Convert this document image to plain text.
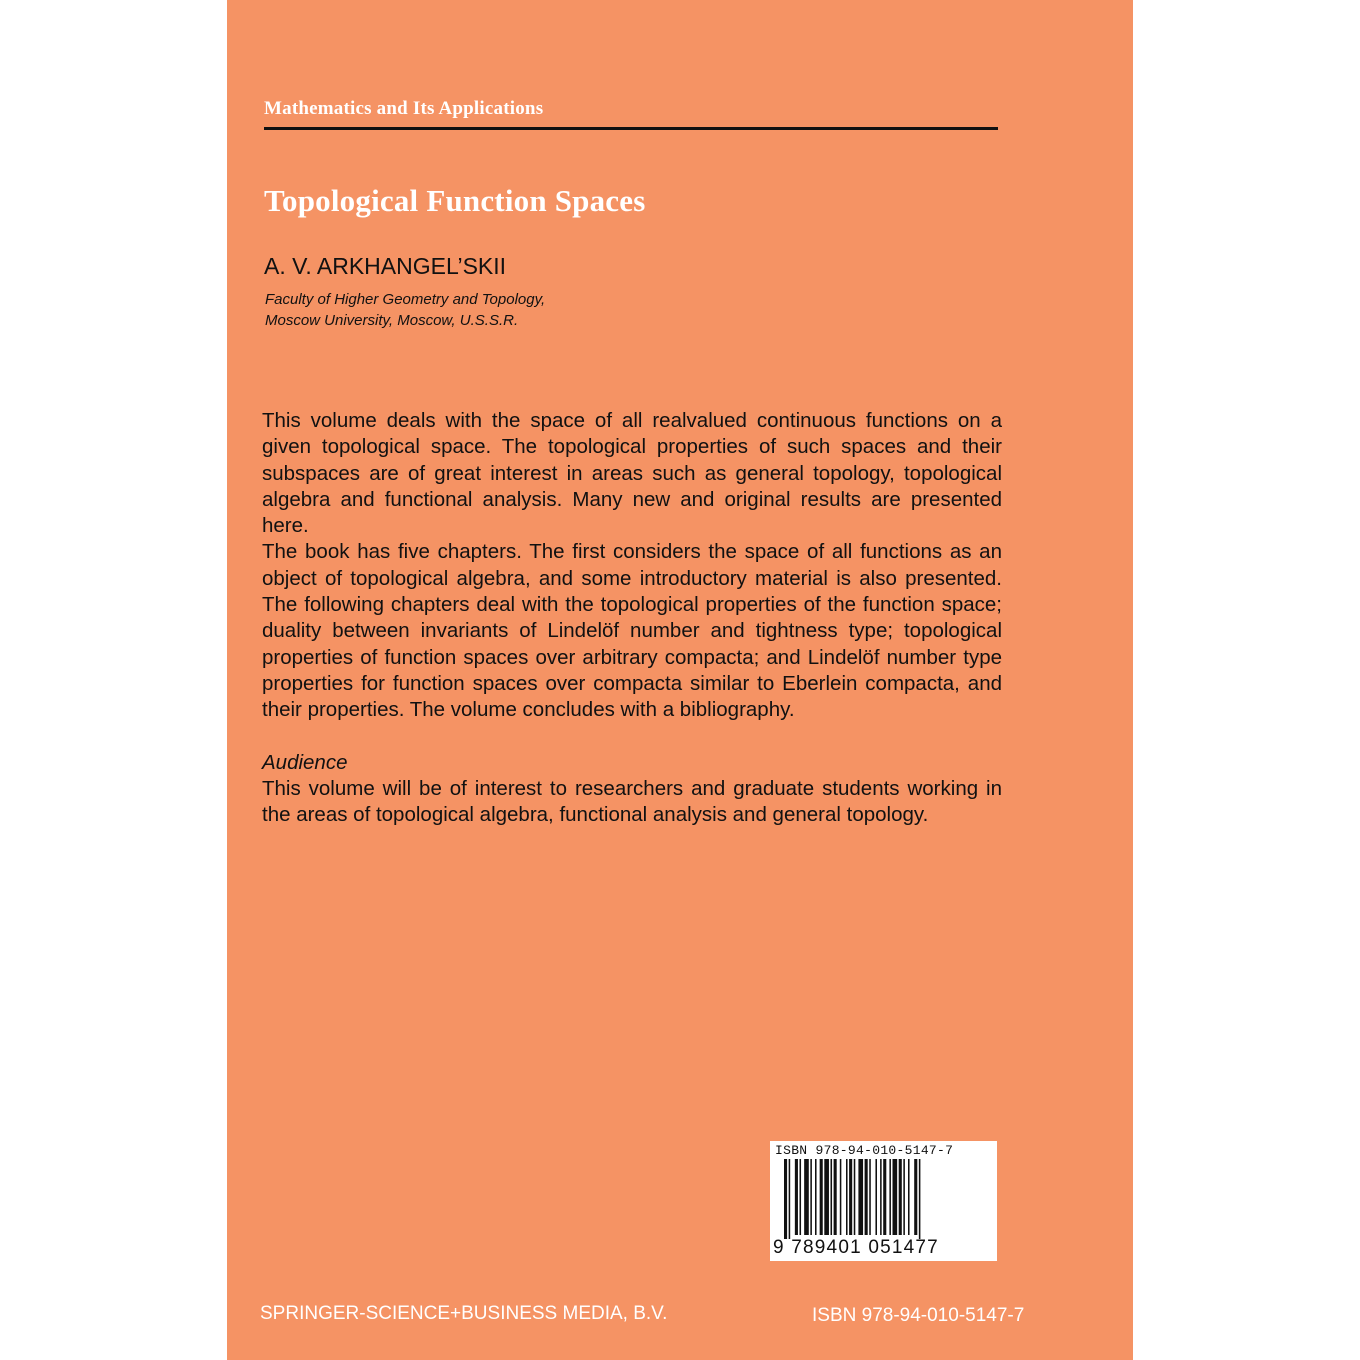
Mathematics and Its Applications
Topological Function Spaces
A. V. ARKHANGEL’SKII
Faculty of Higher Geometry and Topology,
Moscow University, Moscow, U.S.S.R.

This volume deals with the space of all realvalued continuous functions on a given topological space. The topological properties of such spaces and their subspaces are of great interest in areas such as general topology, topological algebra and functional analysis. Many new and original results are presented here.

The book has five chapters. The first considers the space of all functions as an object of topological algebra, and some introductory material is also presented. The following chapters deal with the topological properties of the function space; duality between invariants of Lindelöf number and tightness type; topological properties of function spaces over arbitrary compacta; and Lindelöf number type properties for function spaces over compacta similar to Eberlein compacta, and their properties. The volume concludes with a bibliography.

Audience

This volume will be of interest to researchers and graduate students working in the areas of topological algebra, functional analysis and general topology.

ISBN 978-94-010-5147-7
9 789401 051477
SPRINGER-SCIENCE+BUSINESS MEDIA, B.V.	ISBN 978-94-010-5147-7
